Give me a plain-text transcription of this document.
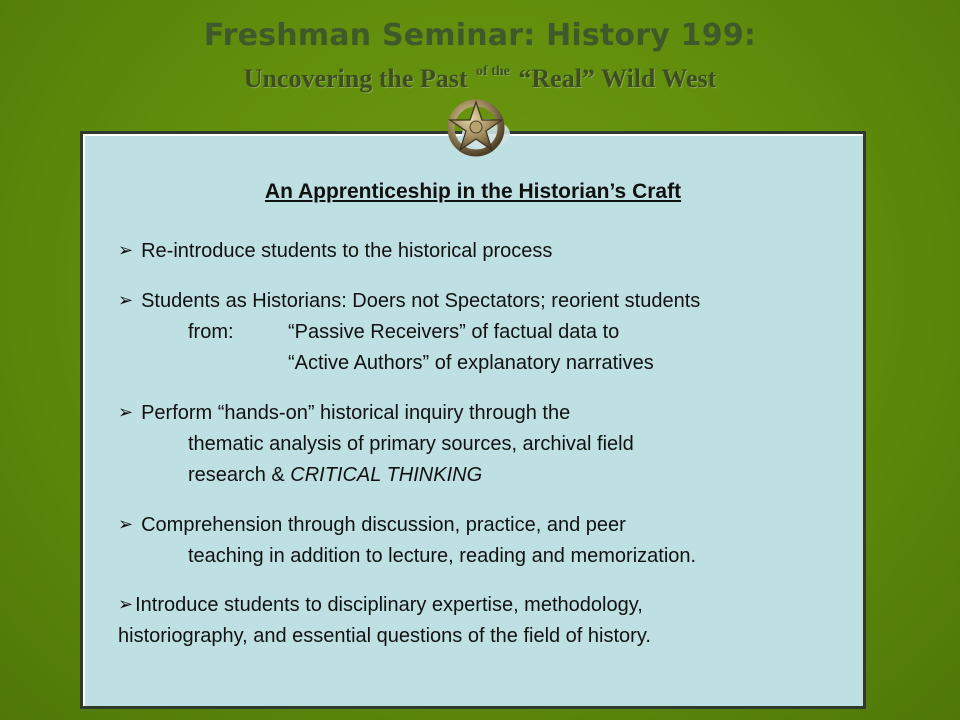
Freshman Seminar: History 199:
Uncovering the Past $^{of the}$ “Real” Wild West
An Apprenticeship in the Historian’s Craft
➢ Re-introduce students to the historical process
➢ Students as Historians: Doers not Spectators; reorient students
from:	“Passive Receivers” of factual data to
“Active Authors” of explanatory narratives
➢ Perform “hands-on” historical inquiry through the
thematic analysis of primary sources, archival field
research & CRITICAL THINKING
➢ Comprehension through discussion, practice, and peer
teaching in addition to lecture, reading and memorization.
➢ Introduce students to disciplinary expertise, methodology,
historiography, and essential questions of the field of history.
